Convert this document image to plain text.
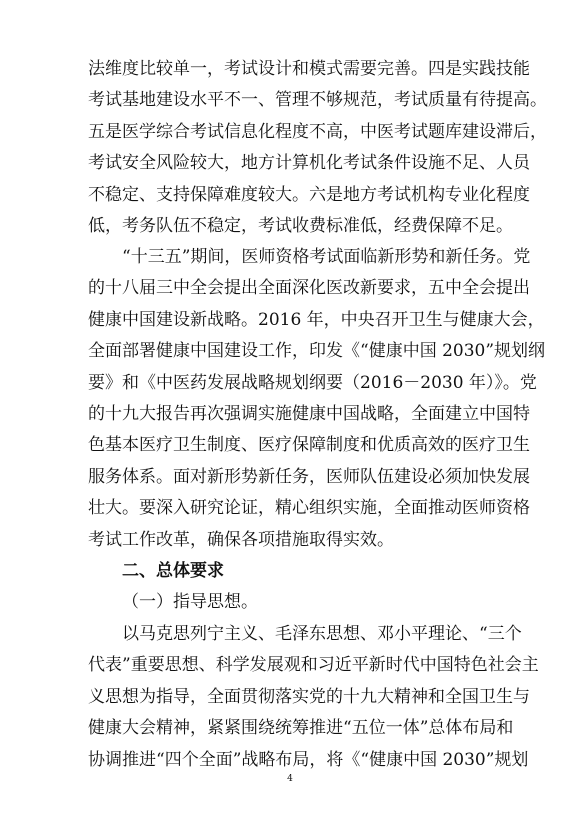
法维度比较单一，考试设计和模式需要完善。四是实践技能
考试基地建设水平不一、管理不够规范，考试质量有待提高。
五是医学综合考试信息化程度不高，中医考试题库建设滞后，
考试安全风险较大，地方计算机化考试条件设施不足、人员
不稳定、支持保障难度较大。六是地方考试机构专业化程度
低，考务队伍不稳定，考试收费标准低，经费保障不足。
“十三五”期间，医师资格考试面临新形势和新任务。党
的十八届三中全会提出全面深化医改新要求，五中全会提出
健康中国建设新战略。2016 年，中央召开卫生与健康大会，
全面部署健康中国建设工作，印发《“健康中国 2030”规划纲
要》和《中医药发展战略规划纲要（2016－2030 年）》。党
的十九大报告再次强调实施健康中国战略，全面建立中国特
色基本医疗卫生制度、医疗保障制度和优质高效的医疗卫生
服务体系。面对新形势新任务，医师队伍建设必须加快发展
壮大。要深入研究论证，精心组织实施，全面推动医师资格
考试工作改革，确保各项措施取得实效。
二、总体要求
（一）指导思想。
以马克思列宁主义、毛泽东思想、邓小平理论、“三个
代表”重要思想、科学发展观和习近平新时代中国特色社会主
义思想为指导，全面贯彻落实党的十九大精神和全国卫生与
健康大会精神，紧紧围绕统筹推进“五位一体”总体布局和
协调推进“四个全面”战略布局，将《“健康中国 2030”规划
4
